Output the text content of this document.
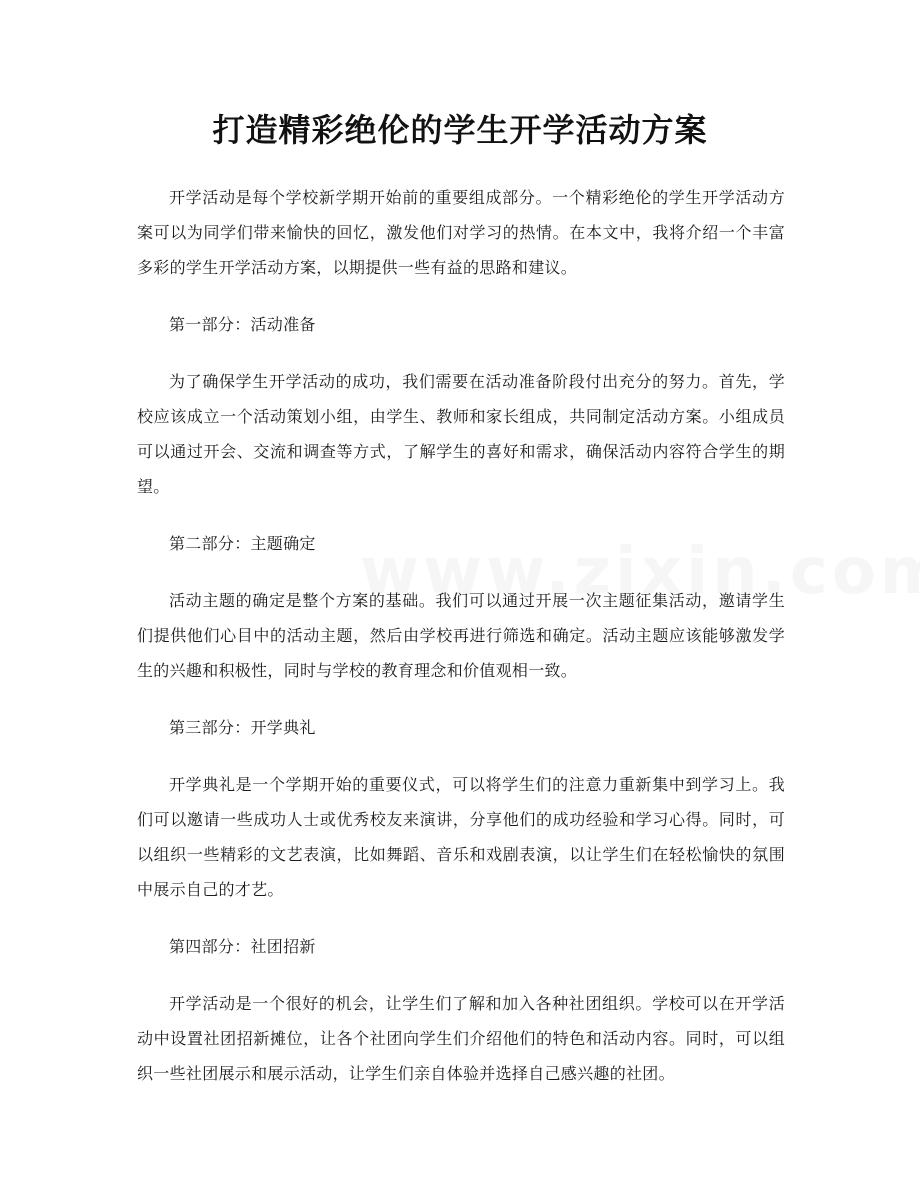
打造精彩绝伦的学生开学活动方案

开学活动是每个学校新学期开始前的重要组成部分。一个精彩绝伦的学生开学活动方案可以为同学们带来愉快的回忆，激发他们对学习的热情。在本文中，我将介绍一个丰富多彩的学生开学活动方案，以期提供一些有益的思路和建议。

第一部分：活动准备

为了确保学生开学活动的成功，我们需要在活动准备阶段付出充分的努力。首先，学校应该成立一个活动策划小组，由学生、教师和家长组成，共同制定活动方案。小组成员可以通过开会、交流和调查等方式，了解学生的喜好和需求，确保活动内容符合学生的期望。

第二部分：主题确定

活动主题的确定是整个方案的基础。我们可以通过开展一次主题征集活动，邀请学生们提供他们心目中的活动主题，然后由学校再进行筛选和确定。活动主题应该能够激发学生的兴趣和积极性，同时与学校的教育理念和价值观相一致。

第三部分：开学典礼

开学典礼是一个学期开始的重要仪式，可以将学生们的注意力重新集中到学习上。我们可以邀请一些成功人士或优秀校友来演讲，分享他们的成功经验和学习心得。同时，可以组织一些精彩的文艺表演，比如舞蹈、音乐和戏剧表演，以让学生们在轻松愉快的氛围中展示自己的才艺。

第四部分：社团招新

开学活动是一个很好的机会，让学生们了解和加入各种社团组织。学校可以在开学活动中设置社团招新摊位，让各个社团向学生们介绍他们的特色和活动内容。同时，可以组织一些社团展示和展示活动，让学生们亲自体验并选择自己感兴趣的社团。
